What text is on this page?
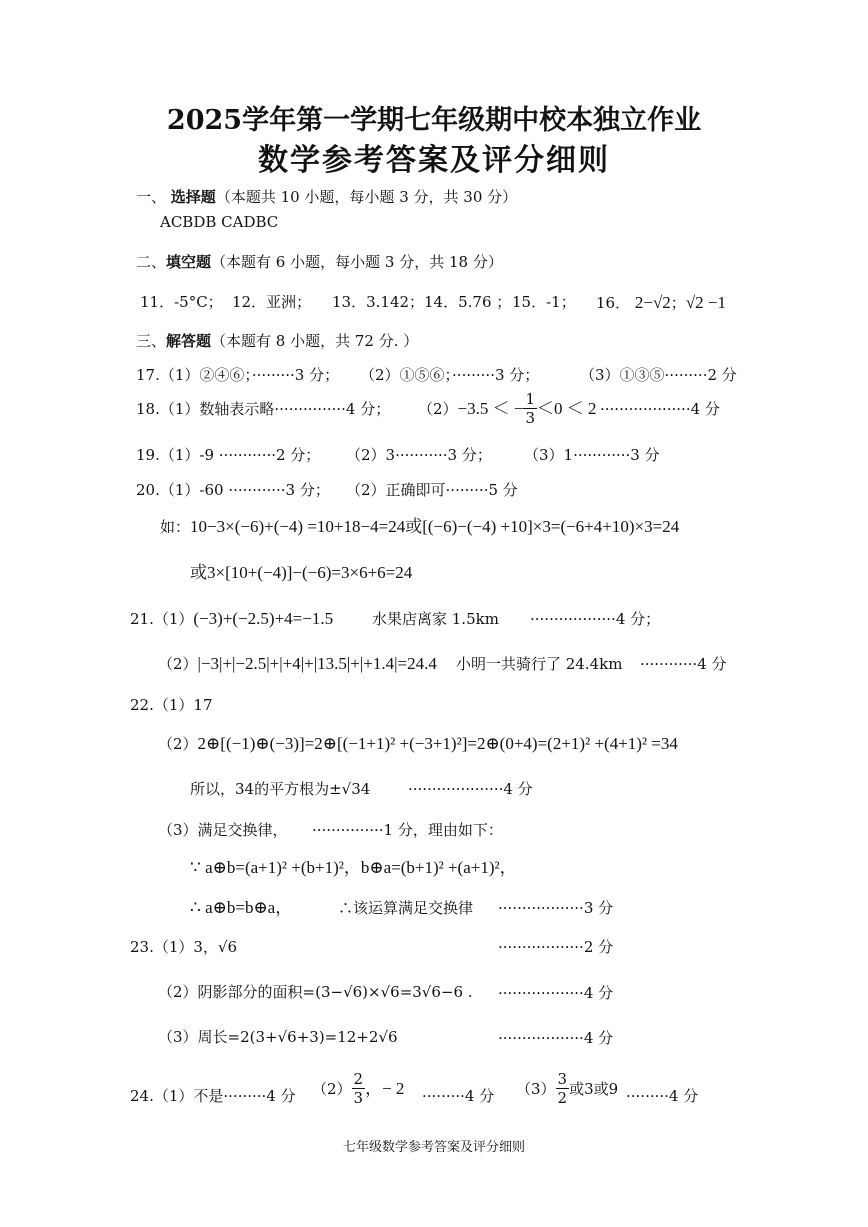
2025学年第一学期七年级期中校本独立作业
数学参考答案及评分细则
一、 选择题（本题共 10 小题，每小题 3 分，共 30 分）
ACBDB CADBC
二、填空题（本题有 6 小题，每小题 3 分，共 18 分）
11．-5°C； 12．亚洲； 13．3.142； 14．5.76 ； 15．-1； 16． 2−√2；√2 −1
三、解答题（本题有 8 小题，共 72 分. ）
17.（1）②④⑥；·········3 分； （2）①⑤⑥；·········3 分；	（3）①③⑤·········2 分
18.（1）数轴表示略···············4 分； （2） −3.5 ＜ − $\frac{1}{3} <0 < 2 \cdot\cdot\cdot\cdot\cdot\cdot\cdot\cdot\cdot\cdot\cdot\cdot\cdot\cdot\cdot\cdot\cdot\cdot\cdot 4$ 分
19.（1）-9 ············2 分； （2）3···········3 分； （3）1············3 分
20.（1）-60 ············3 分； （2）正确即可·········5 分
如：10−3×(−6)+(−4) =10+18−4=24或[(−6)−(−4) +10]×3=(−6+4+10)×3=24
或3×[10+(−4)]−(−6)=3×6+6=24
21.（1）(−3)+(−2.5)+4=−1.5	水果店离家 1.5km ··················4 分；
（2）|−3|+|−2.5|+|+4|+|13.5|+|+1.4|=24.4 小明一共骑行了 24.4km ············4 分
22.（1）17
（2）2⊕[(−1)⊕(−3)]=2⊕[(−1+1)² +(−3+1)²]=2⊕(0+4)=(2+1)² +(4+1)² =34
所以，34的平方根为±√34	····················4 分
（3）满足交换律， ···············1 分，理由如下：
∵ a⊕b=(a+1)² +(b+1)²，b⊕a=(b+1)² +(a+1)²，
∴ a⊕b=b⊕a，	∴该运算满足交换律 ··················3 分
23.（1）3，√6	··················2 分
（2）阴影部分的面积=(3−√6)×√6=3√6−6 . ··················4 分
（3）周长=2(3+√6+3)=12+2√6	··················4 分
24.（1）不是·········4 分 $(2) \frac{2}{3}$ ，− 2 ·········4 分 $(3) \frac{3}{2}$ 或3或9 ·········4 分
七年级数学参考答案及评分细则
